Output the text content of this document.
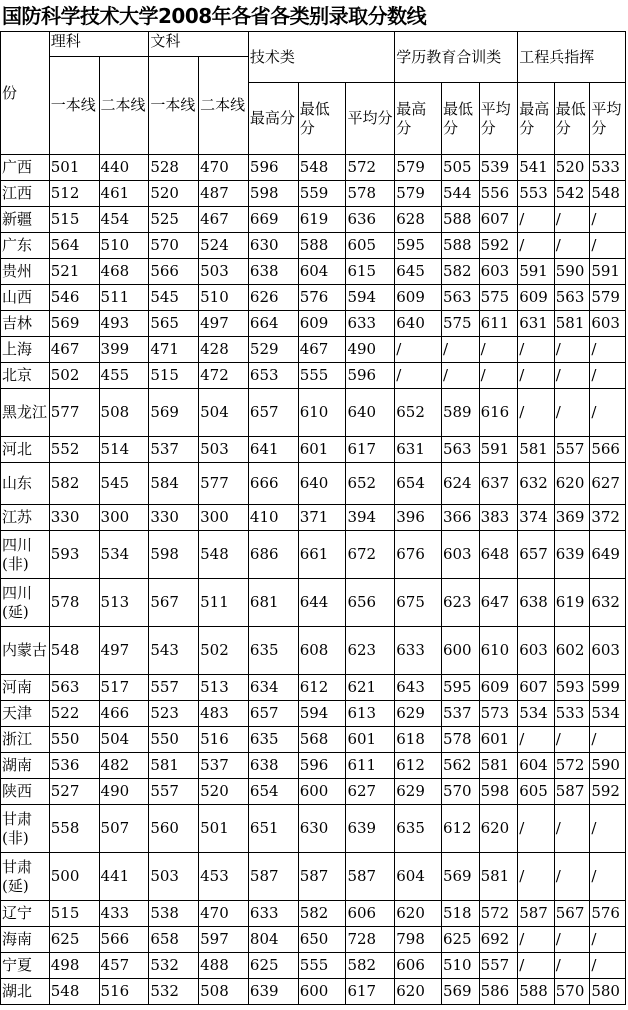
国防科学技术大学2008年各省各类别录取分数线
份	理科		文科		技术类			学历教育合训类			工程兵指挥		
	一本线	二本线	一本线	二本线									
					最高分	最低分	平均分	最高分	最低分	平均分	最高分	最低分	平均分
广西	501	440	528	470	596	548	572	579	505	539	541	520	533
江西	512	461	520	487	598	559	578	579	544	556	553	542	548
新疆	515	454	525	467	669	619	636	628	588	607	/	/	/
广东	564	510	570	524	630	588	605	595	588	592	/	/	/
贵州	521	468	566	503	638	604	615	645	582	603	591	590	591
山西	546	511	545	510	626	576	594	609	563	575	609	563	579
吉林	569	493	565	497	664	609	633	640	575	611	631	581	603
上海	467	399	471	428	529	467	490	/	/	/	/	/	/
北京	502	455	515	472	653	555	596	/	/	/	/	/	/
黑龙江	577	508	569	504	657	610	640	652	589	616	/	/	/
河北	552	514	537	503	641	601	617	631	563	591	581	557	566
山东	582	545	584	577	666	640	652	654	624	637	632	620	627
江苏	330	300	330	300	410	371	394	396	366	383	374	369	372
四川(非)	593	534	598	548	686	661	672	676	603	648	657	639	649
四川(延)	578	513	567	511	681	644	656	675	623	647	638	619	632
内蒙古	548	497	543	502	635	608	623	633	600	610	603	602	603
河南	563	517	557	513	634	612	621	643	595	609	607	593	599
天津	522	466	523	483	657	594	613	629	537	573	534	533	534
浙江	550	504	550	516	635	568	601	618	578	601	/	/	/
湖南	536	482	581	537	638	596	611	612	562	581	604	572	590
陕西	527	490	557	520	654	600	627	629	570	598	605	587	592
甘肃(非)	558	507	560	501	651	630	639	635	612	620	/	/	/
甘肃(延)	500	441	503	453	587	587	587	604	569	581	/	/	/
辽宁	515	433	538	470	633	582	606	620	518	572	587	567	576
海南	625	566	658	597	804	650	728	798	625	692	/	/	/
宁夏	498	457	532	488	625	555	582	606	510	557	/	/	/
湖北	548	516	532	508	639	600	617	620	569	586	588	570	580
